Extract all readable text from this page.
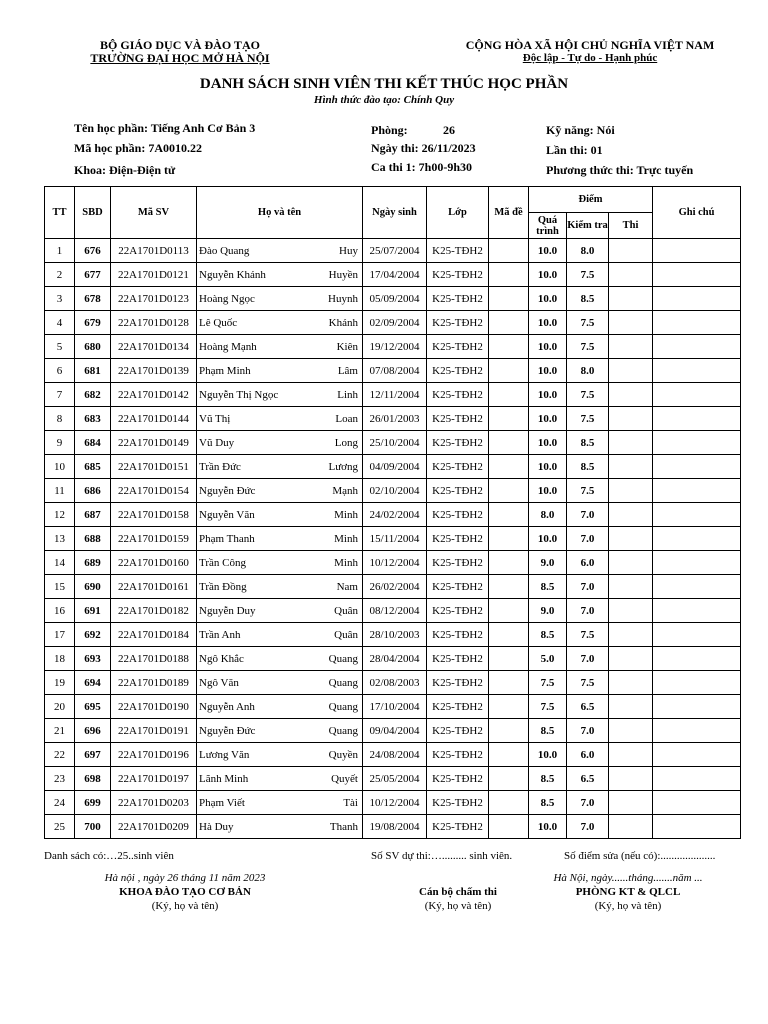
BỘ GIÁO DỤC VÀ ĐÀO TẠO
TRƯỜNG ĐẠI HỌC MỞ HÀ NỘI
CỘNG HÒA XÃ HỘI CHỦ NGHĨA VIỆT NAM
Độc lập - Tự do - Hạnh phúc
DANH SÁCH SINH VIÊN THI KẾT THÚC HỌC PHẦN
Hình thức đào tạo: Chính Quy
Tên học phần: Tiếng Anh Cơ Bản 3
Mã học phần: 7A0010.22
Khoa: Điện-Điện tử
Phòng:	26
Ngày thi: 26/11/2023
Ca thi 1: 7h00-9h30
Kỹ năng: Nói
Lần thi: 01
Phương thức thi: Trực tuyến
TT	SBD	Mã SV	Họ và tên	Ngày sinh	Lớp	Mã đề	Điểm			Ghi chú
							Quá trình	Kiểm tra	Thi	
1	676	22A1701D0113	Đào Quang Huy	25/07/2004	K25-TĐH2		10.0	8.0		
2	677	22A1701D0121	Nguyễn Khánh Huyền	17/04/2004	K25-TĐH2		10.0	7.5		
3	678	22A1701D0123	Hoàng Ngọc Huynh	05/09/2004	K25-TĐH2		10.0	8.5		
4	679	22A1701D0128	Lê Quốc Khánh	02/09/2004	K25-TĐH2		10.0	7.5		
5	680	22A1701D0134	Hoàng Mạnh Kiên	19/12/2004	K25-TĐH2		10.0	7.5		
6	681	22A1701D0139	Phạm Minh Lâm	07/08/2004	K25-TĐH2		10.0	8.0		
7	682	22A1701D0142	Nguyễn Thị Ngọc Linh	12/11/2004	K25-TĐH2		10.0	7.5		
8	683	22A1701D0144	Vũ Thị Loan	26/01/2003	K25-TĐH2		10.0	7.5		
9	684	22A1701D0149	Vũ Duy Long	25/10/2004	K25-TĐH2		10.0	8.5		
10	685	22A1701D0151	Trần Đức Lương	04/09/2004	K25-TĐH2		10.0	8.5		
11	686	22A1701D0154	Nguyễn Đức Mạnh	02/10/2004	K25-TĐH2		10.0	7.5		
12	687	22A1701D0158	Nguyễn Văn Minh	24/02/2004	K25-TĐH2		8.0	7.0		
13	688	22A1701D0159	Phạm Thanh Minh	15/11/2004	K25-TĐH2		10.0	7.0		
14	689	22A1701D0160	Trần Công Minh	10/12/2004	K25-TĐH2		9.0	6.0		
15	690	22A1701D0161	Trần Đồng Nam	26/02/2004	K25-TĐH2		8.5	7.0		
16	691	22A1701D0182	Nguyễn Duy Quân	08/12/2004	K25-TĐH2		9.0	7.0		
17	692	22A1701D0184	Trần Anh Quân	28/10/2003	K25-TĐH2		8.5	7.5		
18	693	22A1701D0188	Ngô Khắc Quang	28/04/2004	K25-TĐH2		5.0	7.0		
19	694	22A1701D0189	Ngô Văn Quang	02/08/2003	K25-TĐH2		7.5	7.5		
20	695	22A1701D0190	Nguyễn Anh Quang	17/10/2004	K25-TĐH2		7.5	6.5		
21	696	22A1701D0191	Nguyễn Đức Quang	09/04/2004	K25-TĐH2		8.5	7.0		
22	697	22A1701D0196	Lương Văn Quyền	24/08/2004	K25-TĐH2		10.0	6.0		
23	698	22A1701D0197	Lãnh Minh Quyết	25/05/2004	K25-TĐH2		8.5	6.5		
24	699	22A1701D0203	Phạm Viết Tài	10/12/2004	K25-TĐH2		8.5	7.0		
25	700	22A1701D0209	Hà Duy Thanh	19/08/2004	K25-TĐH2		10.0	7.0		
Danh sách có:…25..sinh viên	Số SV dự thi:…......... sinh viên.	Số điểm sửa (nếu có):....................
Hà nội , ngày 26 tháng 11 năm 2023	Hà Nội, ngày......tháng.......năm ...
KHOA ĐÀO TẠO CƠ BẢN	Cán bộ chấm thi	PHÒNG KT & QLCL
(Ký, họ và tên)	(Ký, họ và tên)	(Ký, họ và tên)
